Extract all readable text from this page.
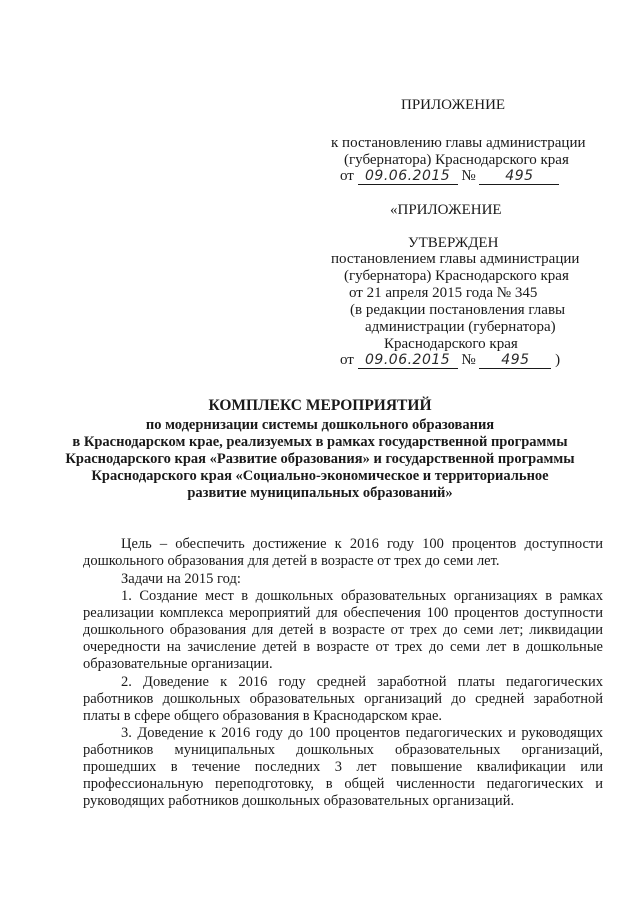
ПРИЛОЖЕНИЕ
к постановлению главы администрации
(губернатора) Краснодарского края
от 09.06.2015 № 495
«ПРИЛОЖЕНИЕ
УТВЕРЖДЕН
постановлением главы администрации
(губернатора) Краснодарского края
от 21 апреля 2015 года № 345
(в редакции постановления главы
администрации (губернатора)
Краснодарского края
от 09.06.2015 № 495 )
КОМПЛЕКС МЕРОПРИЯТИЙ
по модернизации системы дошкольного образования
в Краснодарском крае, реализуемых в рамках государственной программы
Краснодарского края «Развитие образования» и государственной программы
Краснодарского края «Социально-экономическое и территориальное
развитие муниципальных образований»
Цель – обеспечить достижение к 2016 году 100 процентов доступности дошкольного образования для детей в возрасте от трех до семи лет.
Задачи на 2015 год:
1. Создание мест в дошкольных образовательных организациях в рамках реализации комплекса мероприятий для обеспечения 100 процентов доступности дошкольного образования для детей в возрасте от трех до семи лет; ликвидации очередности на зачисление детей в возрасте от трех до семи лет в дошкольные образовательные организации.
2. Доведение к 2016 году средней заработной платы педагогических работников дошкольных образовательных организаций до средней заработной платы в сфере общего образования в Краснодарском крае.
3. Доведение к 2016 году до 100 процентов педагогических и руководящих работников муниципальных дошкольных образовательных организаций, прошедших в течение последних 3 лет повышение квалификации или профессиональную переподготовку, в общей численности педагогических и руководящих работников дошкольных образовательных организаций.
